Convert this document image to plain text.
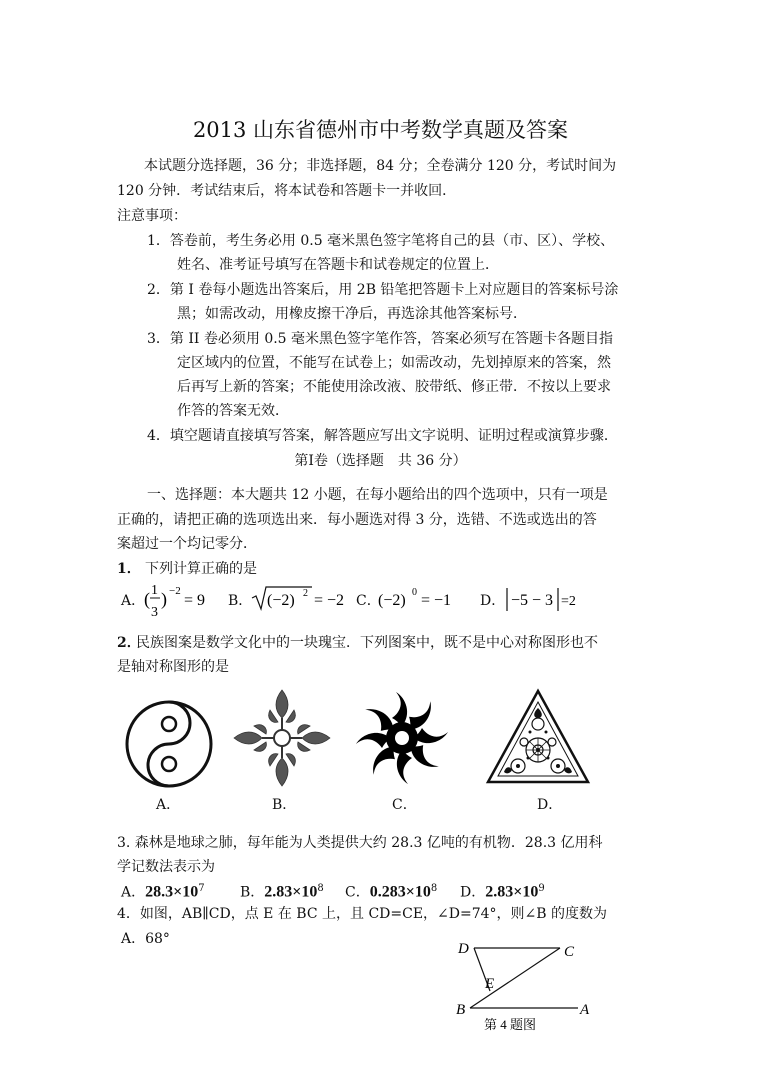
2013 山东省德州市中考数学真题及答案
本试题分选择题，36 分；非选择题，84 分；全卷满分 120 分，考试时间为
120 分钟．考试结束后，将本试卷和答题卡一并收回．
注意事项：
1．答卷前，考生务必用 0.5 毫米黑色签字笔将自己的县（市、区）、学校、
姓名、准考证号填写在答题卡和试卷规定的位置上．
2．第 I 卷每小题选出答案后，用 2B 铅笔把答题卡上对应题目的答案标号涂
黑；如需改动，用橡皮擦干净后，再选涂其他答案标号．
3．第 II 卷必须用 0.5 毫米黑色签字笔作答，答案必须写在答题卡各题目指
定区域内的位置，不能写在试卷上；如需改动，先划掉原来的答案，然
后再写上新的答案；不能使用涂改液、胶带纸、修正带．不按以上要求
作答的答案无效．
4．填空题请直接填写答案，解答题应写出文字说明、证明过程或演算步骤．
第Ⅰ卷（选择题　共 36 分）
一、选择题：本大题共 12 小题，在每小题给出的四个选项中，只有一项是
正确的，请把正确的选项选出来．每小题选对得 3 分，选错、不选或选出的答
案超过一个均记零分．
1． 下列计算正确的是
A．
( 1
3
) −2
= 9 B． (−2) 2 = −2 C．
(−2) 0 = −1 D． −5 − 3 =2
2．
民族图案是数学文化中的一块瑰宝．下列图案中，既不是中心对称图形也不
是轴对称图形的是
A．	B．	C．	D．
3. 森林是地球之肺，每年能为人类提供大约 28.3 亿吨的有机物．28.3 亿用科
学记数法表示为
A．$28.3\times 10^7$	B．$2.83\times 10^8$ C．$0.283\times 10^8$ D．$2.83\times 10^9$
4．如图，AB∥CD，点 E 在 BC 上，且 CD=CE，∠D=74°，则∠B 的度数为
A．68°
D	C
E
B	A
第 4 题图
